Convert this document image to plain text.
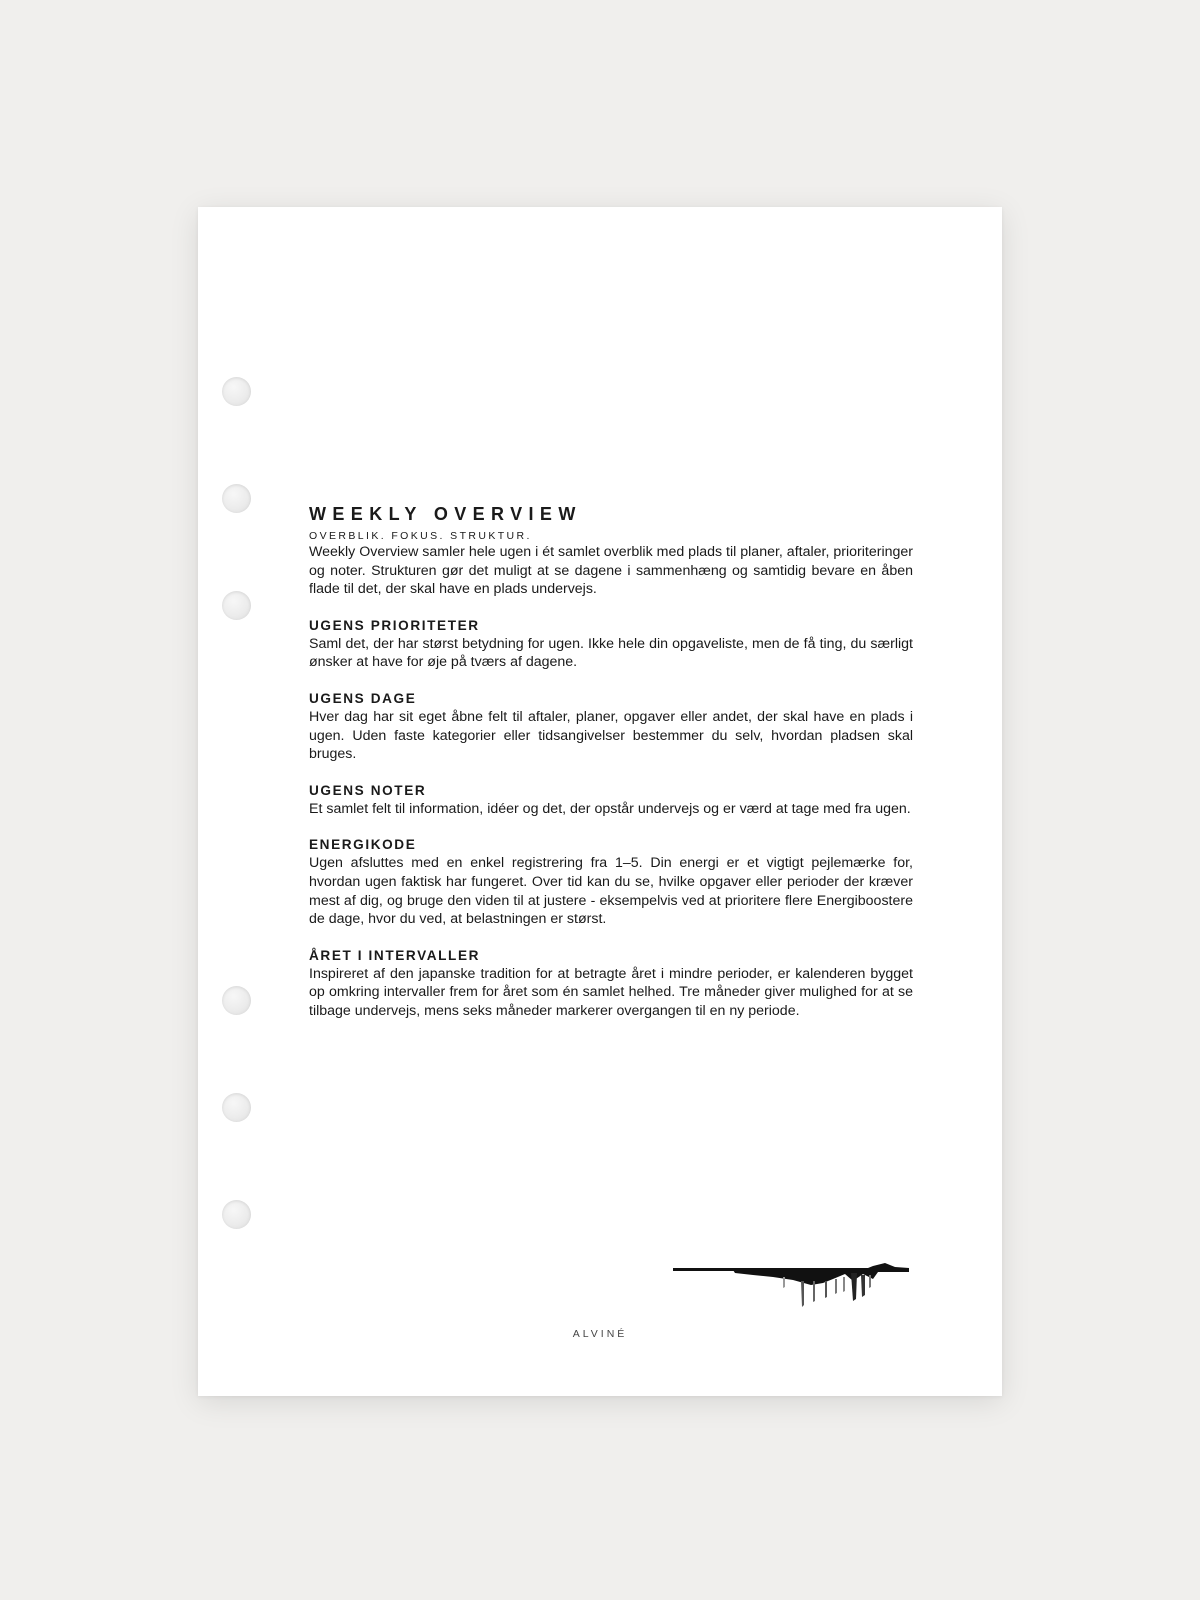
WEEKLY OVERVIEW
OVERBLIK. FOKUS. STRUKTUR.

Weekly Overview samler hele ugen i ét samlet overblik med plads til planer, aftaler, prioriteringer og noter. Strukturen gør det muligt at se dagene i sammenhæng og samtidig bevare en åben flade til det, der skal have en plads undervejs.

UGENS PRIORITETER

Saml det, der har størst betydning for ugen. Ikke hele din opgaveliste, men de få ting, du særligt ønsker at have for øje på tværs af dagene.

UGENS DAGE

Hver dag har sit eget åbne felt til aftaler, planer, opgaver eller andet, der skal have en plads i ugen. Uden faste kategorier eller tidsangivelser bestemmer du selv, hvordan pladsen skal bruges.

UGENS NOTER

Et samlet felt til information, idéer og det, der opstår undervejs og er værd at tage med fra ugen.

ENERGIKODE

Ugen afsluttes med en enkel registrering fra 1–5. Din energi er et vigtigt pejlemærke for, hvordan ugen faktisk har fungeret. Over tid kan du se, hvilke opgaver eller perioder der kræver mest af dig, og bruge den viden til at justere - eksempelvis ved at prioritere flere Energiboostere de dage, hvor du ved, at belastningen er størst.

ÅRET I INTERVALLER

Inspireret af den japanske tradition for at betragte året i mindre perioder, er kalenderen bygget op omkring intervaller frem for året som én samlet helhed. Tre måneder giver mulighed for at se tilbage undervejs, mens seks måneder markerer overgangen til en ny periode.

ALVINÉ
